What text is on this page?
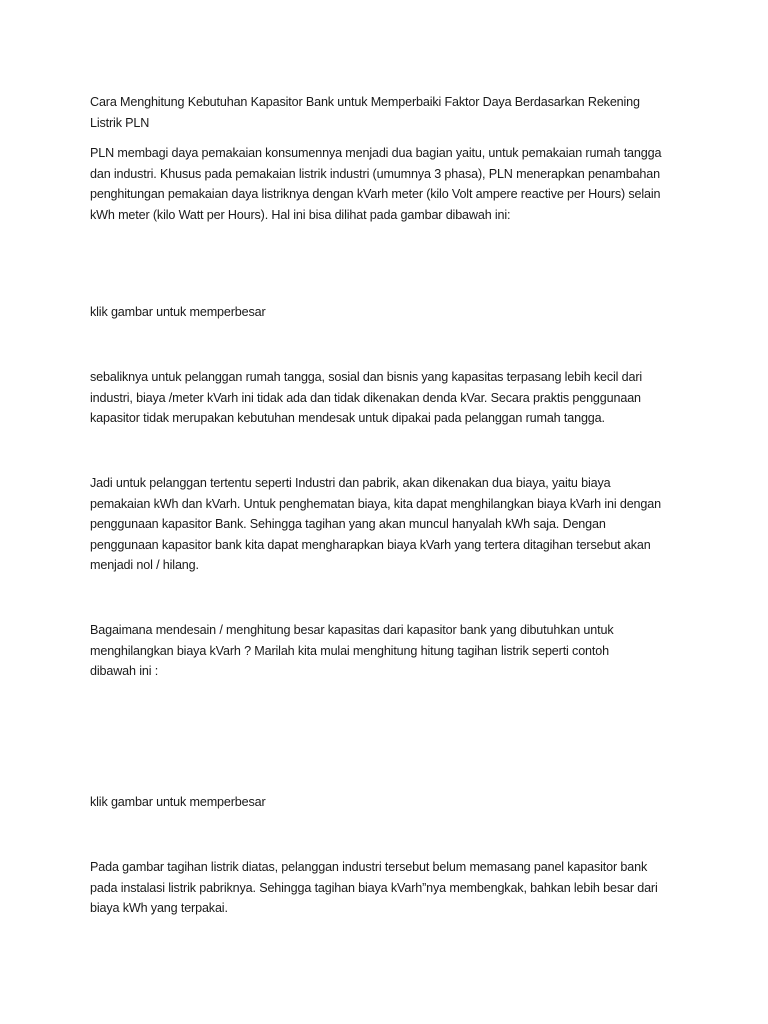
Cara Menghitung Kebutuhan Kapasitor Bank untuk Memperbaiki Faktor Daya Berdasarkan Rekening
Listrik PLN

PLN membagi daya pemakaian konsumennya menjadi dua bagian yaitu, untuk pemakaian rumah tangga
dan industri. Khusus pada pemakaian listrik industri (umumnya 3 phasa), PLN menerapkan penambahan
penghitungan pemakaian daya listriknya dengan kVarh meter (kilo Volt ampere reactive per Hours) selain
kWh meter (kilo Watt per Hours). Hal ini bisa dilihat pada gambar dibawah ini:

klik gambar untuk memperbesar

sebaliknya untuk pelanggan rumah tangga, sosial dan bisnis yang kapasitas terpasang lebih kecil dari
industri, biaya /meter kVarh ini tidak ada dan tidak dikenakan denda kVar. Secara praktis penggunaan
kapasitor tidak merupakan kebutuhan mendesak untuk dipakai pada pelanggan rumah tangga.

Jadi untuk pelanggan tertentu seperti Industri dan pabrik, akan dikenakan dua biaya, yaitu biaya
pemakaian kWh dan kVarh. Untuk penghematan biaya, kita dapat menghilangkan biaya kVarh ini dengan
penggunaan kapasitor Bank. Sehingga tagihan yang akan muncul hanyalah kWh saja. Dengan
penggunaan kapasitor bank kita dapat mengharapkan biaya kVarh yang tertera ditagihan tersebut akan
menjadi nol / hilang.

Bagaimana mendesain / menghitung besar kapasitas dari kapasitor bank yang dibutuhkan untuk
menghilangkan biaya kVarh ? Marilah kita mulai menghitung hitung tagihan listrik seperti contoh
dibawah ini :

klik gambar untuk memperbesar

Pada gambar tagihan listrik diatas, pelanggan industri tersebut belum memasang panel kapasitor bank
pada instalasi listrik pabriknya. Sehingga tagihan biaya kVarh”nya membengkak, bahkan lebih besar dari
biaya kWh yang terpakai.
